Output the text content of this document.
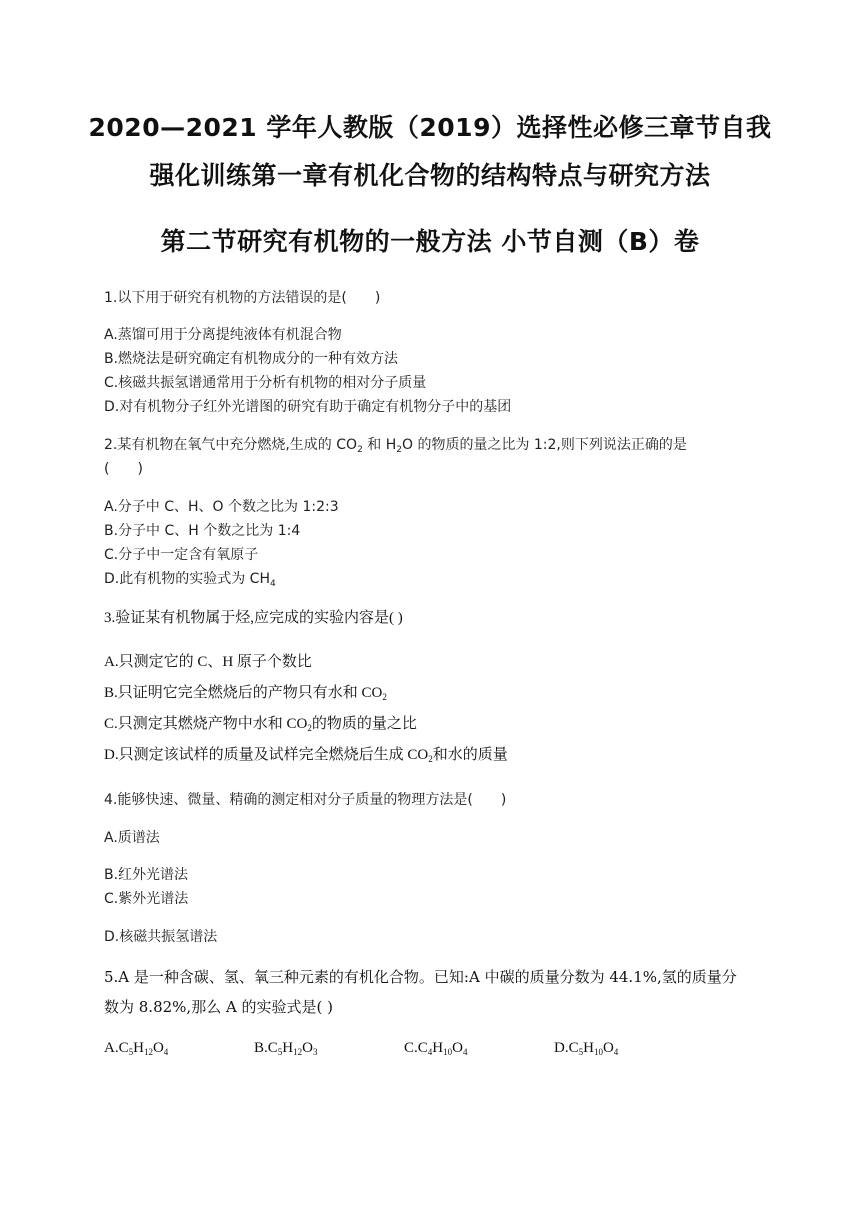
2020—2021 学年人教版（2019）选择性必修三章节自我
强化训练第一章有机化合物的结构特点与研究方法
第二节研究有机物的一般方法 小节自测（B）卷
1.以下用于研究有机物的方法错误的是(　　)
A.蒸馏可用于分离提纯液体有机混合物
B.燃烧法是研究确定有机物成分的一种有效方法
C.核磁共振氢谱通常用于分析有机物的相对分子质量
D.对有机物分子红外光谱图的研究有助于确定有机物分子中的基团
2.某有机物在氧气中充分燃烧,生成的 $CO_2$ 和 $H_2O$ 的物质的量之比为 1:2,则下列说法正确的是
(　　)
A.分子中 C、H、O 个数之比为 1:2:3
B.分子中 C、H 个数之比为 1:4
C.分子中一定含有氧原子
D.此有机物的实验式为 $CH_4$
3.验证某有机物属于烃,应完成的实验内容是( )
A.只测定它的 C、H 原子个数比
B.只证明它完全燃烧后的产物只有水和 $CO_2$
C.只测定其燃烧产物中水和 $CO_2$的物质的量之比
D.只测定该试样的质量及试样完全燃烧后生成 $CO_2$和水的质量
4.能够快速、微量、精确的测定相对分子质量的物理方法是(　　)
A.质谱法
B.红外光谱法
C.紫外光谱法
D.核磁共振氢谱法
5.A 是一种含碳、氢、氧三种元素的有机化合物。已知:A 中碳的质量分数为 44.1%,氢的质量分
数为 8.82%,那么 A 的实验式是( )
$A.C_5H_{12}O_4$	$B.C_5H_{12}O_3$	$C.C_4H_{10}O_4$	$D.C_5H_{10}O_4$
